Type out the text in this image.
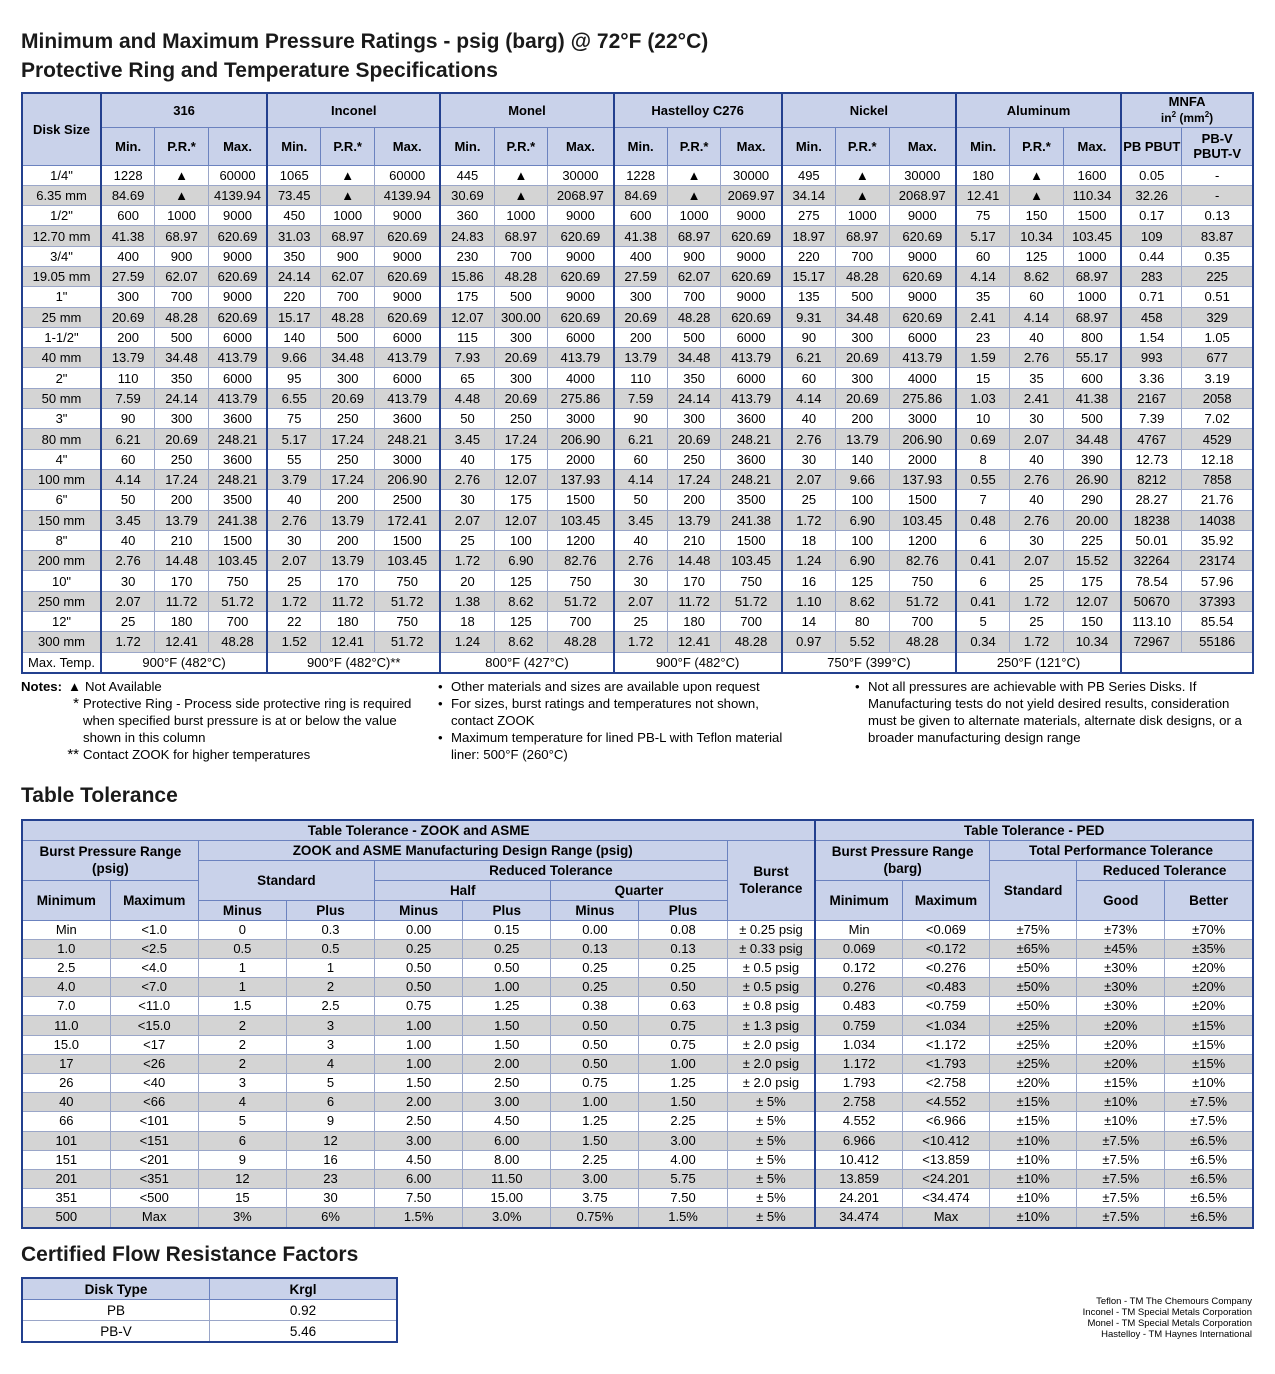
Minimum and Maximum Pressure Ratings - psig (barg) @ 72°F (22°C)
Protective Ring and Temperature Specifications
Disk Size	316			Inconel			Monel			Hastelloy C276			Nickel			Aluminum			MNFA
$in^2$ $(mm^2)$	

	Min.	P.R.*	Max.	Min.	P.R.*	Max.	Min.	P.R.*	Max.	Min.	P.R.*	Max.	Min.	P.R.*	Max.	Min.	P.R.*	Max.	PB PBUT	PB-V PBUT-V
1/4"	1228	▲	60000	1065	▲	60000	445	▲	30000	1228	▲	30000	495	▲	30000	180	▲	1600	0.05	-
6.35 mm	84.69	▲	4139.94	73.45	▲	4139.94	30.69	▲	2068.97	84.69	▲	2069.97	34.14	▲	2068.97	12.41	▲	110.34	32.26	-
1/2"	600	1000	9000	450	1000	9000	360	1000	9000	600	1000	9000	275	1000	9000	75	150	1500	0.17	0.13
12.70 mm	41.38	68.97	620.69	31.03	68.97	620.69	24.83	68.97	620.69	41.38	68.97	620.69	18.97	68.97	620.69	5.17	10.34	103.45	109	83.87
3/4"	400	900	9000	350	900	9000	230	700	9000	400	900	9000	220	700	9000	60	125	1000	0.44	0.35
19.05 mm	27.59	62.07	620.69	24.14	62.07	620.69	15.86	48.28	620.69	27.59	62.07	620.69	15.17	48.28	620.69	4.14	8.62	68.97	283	225
1"	300	700	9000	220	700	9000	175	500	9000	300	700	9000	135	500	9000	35	60	1000	0.71	0.51
25 mm	20.69	48.28	620.69	15.17	48.28	620.69	12.07	300.00	620.69	20.69	48.28	620.69	9.31	34.48	620.69	2.41	4.14	68.97	458	329
1-1/2"	200	500	6000	140	500	6000	115	300	6000	200	500	6000	90	300	6000	23	40	800	1.54	1.05
40 mm	13.79	34.48	413.79	9.66	34.48	413.79	7.93	20.69	413.79	13.79	34.48	413.79	6.21	20.69	413.79	1.59	2.76	55.17	993	677
2"	110	350	6000	95	300	6000	65	300	4000	110	350	6000	60	300	4000	15	35	600	3.36	3.19
50 mm	7.59	24.14	413.79	6.55	20.69	413.79	4.48	20.69	275.86	7.59	24.14	413.79	4.14	20.69	275.86	1.03	2.41	41.38	2167	2058
3"	90	300	3600	75	250	3600	50	250	3000	90	300	3600	40	200	3000	10	30	500	7.39	7.02
80 mm	6.21	20.69	248.21	5.17	17.24	248.21	3.45	17.24	206.90	6.21	20.69	248.21	2.76	13.79	206.90	0.69	2.07	34.48	4767	4529
4"	60	250	3600	55	250	3000	40	175	2000	60	250	3600	30	140	2000	8	40	390	12.73	12.18
100 mm	4.14	17.24	248.21	3.79	17.24	206.90	2.76	12.07	137.93	4.14	17.24	248.21	2.07	9.66	137.93	0.55	2.76	26.90	8212	7858
6"	50	200	3500	40	200	2500	30	175	1500	50	200	3500	25	100	1500	7	40	290	28.27	21.76
150 mm	3.45	13.79	241.38	2.76	13.79	172.41	2.07	12.07	103.45	3.45	13.79	241.38	1.72	6.90	103.45	0.48	2.76	20.00	18238	14038
8"	40	210	1500	30	200	1500	25	100	1200	40	210	1500	18	100	1200	6	30	225	50.01	35.92
200 mm	2.76	14.48	103.45	2.07	13.79	103.45	1.72	6.90	82.76	2.76	14.48	103.45	1.24	6.90	82.76	0.41	2.07	15.52	32264	23174
10"	30	170	750	25	170	750	20	125	750	30	170	750	16	125	750	6	25	175	78.54	57.96
250 mm	2.07	11.72	51.72	1.72	11.72	51.72	1.38	8.62	51.72	2.07	11.72	51.72	1.10	8.62	51.72	0.41	1.72	12.07	50670	37393
12"	25	180	700	22	180	750	18	125	700	25	180	700	14	80	700	5	25	150	113.10	85.54
300 mm	1.72	12.41	48.28	1.52	12.41	51.72	1.24	8.62	48.28	1.72	12.41	48.28	0.97	5.52	48.28	0.34	1.72	10.34	72967	55186
Max. Temp.	900°F (482°C)			900°F (482°C)**			800°F (427°C)			900°F (482°C)			750°F (399°C)			250°F (121°C)				
Notes: ▲ Not Available
* Protective Ring - Process side protective ring is required when specified burst pressure is at or below the value shown in this column
** Contact ZOOK for higher temperatures
• Other materials and sizes are available upon request
• For sizes, burst ratings and temperatures not shown, contact ZOOK
• Maximum temperature for lined PB-L with Teflon material liner: 500°F (260°C)
• Not all pressures are achievable with PB Series Disks. If Manufacturing tests do not yield desired results, consideration must be given to alternate materials, alternate disk designs, or a broader manufacturing design range
Table Tolerance
Table Tolerance - ZOOK and ASME									Table Tolerance - PED				
Burst Pressure Range (psig)		ZOOK and ASME Manufacturing Design Range (psig)						Burst Tolerance	Burst Pressure Range (barg)		Total Performance Tolerance		
		Standard		Reduced Tolerance							Standard	Reduced Tolerance	
Minimum	Maximum			Half		Quarter			Minimum	Maximum		Good	Better
		Minus	Plus	Minus	Plus	Minus	Plus						
Min	<1.0	0	0.3	0.00	0.15	0.00	0.08	± 0.25 psig	Min	<0.069	±75%	±73%	±70%
1.0	<2.5	0.5	0.5	0.25	0.25	0.13	0.13	± 0.33 psig	0.069	<0.172	±65%	±45%	±35%
2.5	<4.0	1	1	0.50	0.50	0.25	0.25	± 0.5 psig	0.172	<0.276	±50%	±30%	±20%
4.0	<7.0	1	2	0.50	1.00	0.25	0.50	± 0.5 psig	0.276	<0.483	±50%	±30%	±20%
7.0	<11.0	1.5	2.5	0.75	1.25	0.38	0.63	± 0.8 psig	0.483	<0.759	±50%	±30%	±20%
11.0	<15.0	2	3	1.00	1.50	0.50	0.75	± 1.3 psig	0.759	<1.034	±25%	±20%	±15%
15.0	<17	2	3	1.00	1.50	0.50	0.75	± 2.0 psig	1.034	<1.172	±25%	±20%	±15%
17	<26	2	4	1.00	2.00	0.50	1.00	± 2.0 psig	1.172	<1.793	±25%	±20%	±15%
26	<40	3	5	1.50	2.50	0.75	1.25	± 2.0 psig	1.793	<2.758	±20%	±15%	±10%
40	<66	4	6	2.00	3.00	1.00	1.50	± 5%	2.758	<4.552	±15%	±10%	±7.5%
66	<101	5	9	2.50	4.50	1.25	2.25	± 5%	4.552	<6.966	±15%	±10%	±7.5%
101	<151	6	12	3.00	6.00	1.50	3.00	± 5%	6.966	<10.412	±10%	±7.5%	±6.5%
151	<201	9	16	4.50	8.00	2.25	4.00	± 5%	10.412	<13.859	±10%	±7.5%	±6.5%
201	<351	12	23	6.00	11.50	3.00	5.75	± 5%	13.859	<24.201	±10%	±7.5%	±6.5%
351	<500	15	30	7.50	15.00	3.75	7.50	± 5%	24.201	<34.474	±10%	±7.5%	±6.5%
500	Max	3%	6%	1.5%	3.0%	0.75%	1.5%	± 5%	34.474	Max	±10%	±7.5%	±6.5%
Certified Flow Resistance Factors
Disk Type	Krgl
PB	0.92
PB-V	5.46
Teflon - TM The Chemours Company
Inconel - TM Special Metals Corporation
Monel - TM Special Metals Corporation
Hastelloy - TM Haynes International
